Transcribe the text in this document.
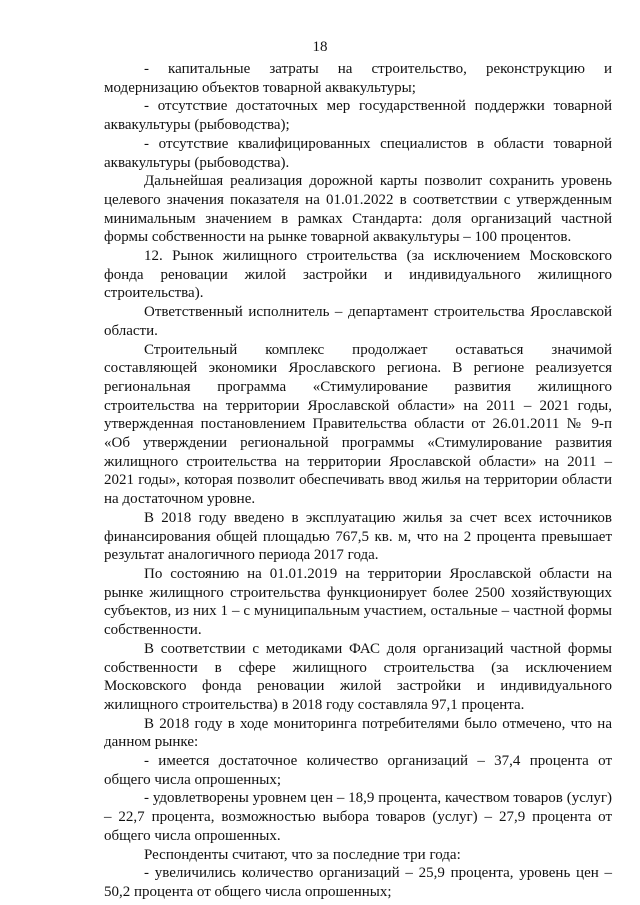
18

- капитальные затраты на строительство, реконструкцию и модернизацию объектов товарной аквакультуры;

- отсутствие достаточных мер государственной поддержки товарной аквакультуры (рыбоводства);

- отсутствие квалифицированных специалистов в области товарной аквакультуры (рыбоводства).

Дальнейшая реализация дорожной карты позволит сохранить уровень целевого значения показателя на 01.01.2022 в соответствии с утвержденным минимальным значением в рамках Стандарта: доля организаций частной формы собственности на рынке товарной аквакультуры – 100 процентов.

12. Рынок жилищного строительства (за исключением Московского фонда реновации жилой застройки и индивидуального жилищного строительства).

Ответственный исполнитель – департамент строительства Ярославской области.

Строительный комплекс продолжает оставаться значимой составляющей экономики Ярославского региона. В регионе реализуется региональная программа «Стимулирование развития жилищного строительства на территории Ярославской области» на 2011 – 2021 годы, утвержденная постановлением Правительства области от 26.01.2011 № 9-п «Об утверждении региональной программы «Стимулирование развития жилищного строительства на территории Ярославской области» на 2011 – 2021 годы», которая позволит обеспечивать ввод жилья на территории области на достаточном уровне.

В 2018 году введено в эксплуатацию жилья за счет всех источников финансирования общей площадью 767,5 кв. м, что на 2 процента превышает результат аналогичного периода 2017 года.

По состоянию на 01.01.2019 на территории Ярославской области на рынке жилищного строительства функционирует более 2500 хозяйствующих субъектов, из них 1 – с муниципальным участием, остальные – частной формы собственности.

В соответствии с методиками ФАС доля организаций частной формы собственности в сфере жилищного строительства (за исключением Московского фонда реновации жилой застройки и индивидуального жилищного строительства) в 2018 году составляла 97,1 процента.

В 2018 году в ходе мониторинга потребителями было отмечено, что на данном рынке:

- имеется достаточное количество организаций – 37,4 процента от общего числа опрошенных;

- удовлетворены уровнем цен – 18,9 процента, качеством товаров (услуг) – 22,7 процента, возможностью выбора товаров (услуг) – 27,9 процента от общего числа опрошенных.

Респонденты считают, что за последние три года:

- увеличились количество организаций – 25,9 процента, уровень цен – 50,2 процента от общего числа опрошенных;
